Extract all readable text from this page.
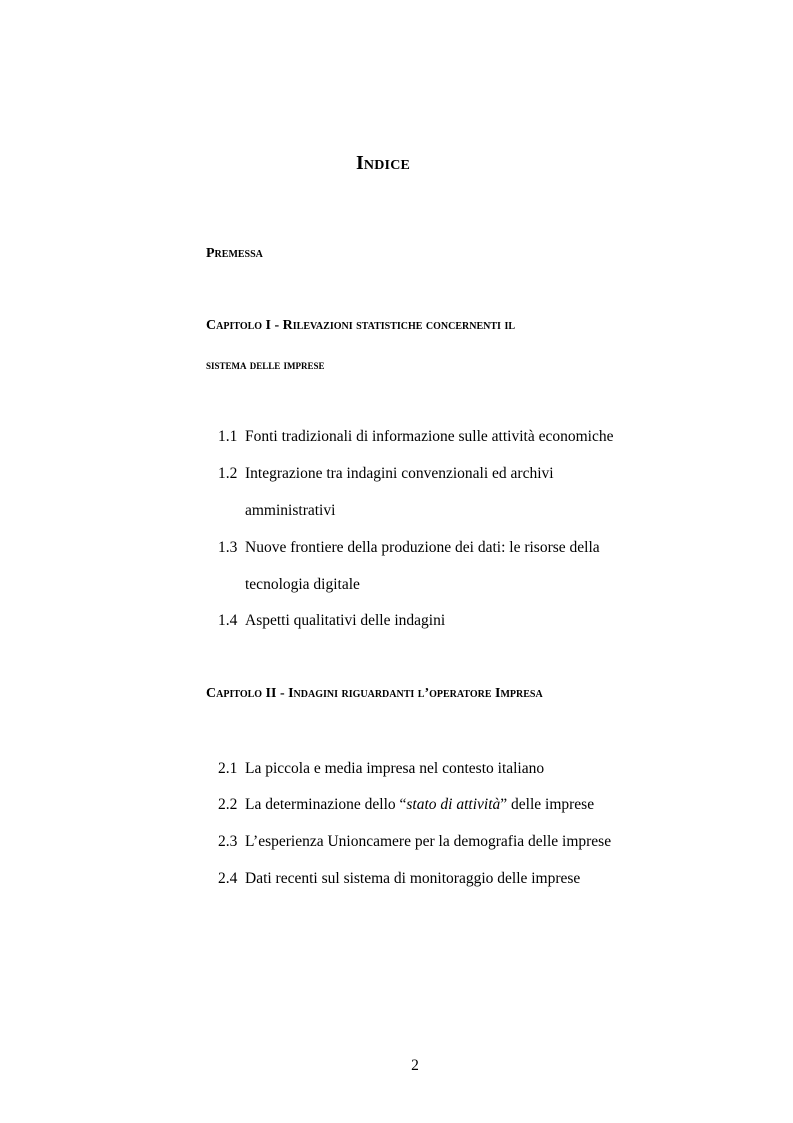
Indice
Premessa
Capitolo I - Rilevazioni statistiche concernenti il
sistema delle imprese
1.1 Fonti tradizionali di informazione sulle attività economiche
1.2 Integrazione tra indagini convenzionali ed archivi
amministrativi
1.3 Nuove frontiere della produzione dei dati: le risorse della
tecnologia digitale
1.4 Aspetti qualitativi delle indagini
Capitolo II - Indagini riguardanti l’operatore Impresa
2.1 La piccola e media impresa nel contesto italiano
2.2 La determinazione dello “stato di attività” delle imprese
2.3 L’esperienza Unioncamere per la demografia delle imprese
2.4 Dati recenti sul sistema di monitoraggio delle imprese
2
